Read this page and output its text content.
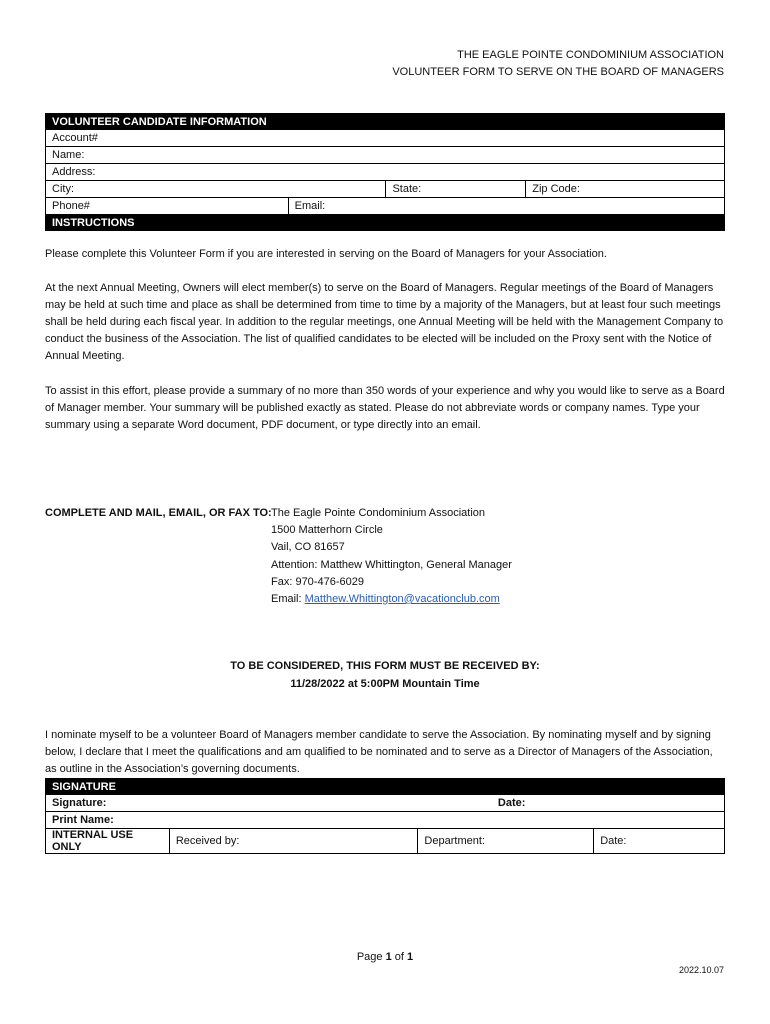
THE EAGLE POINTE CONDOMINIUM ASSOCIATION
VOLUNTEER FORM TO SERVE ON THE BOARD OF MANAGERS
VOLUNTEER CANDIDATE INFORMATION			
Account#			
Name:			
Address:			
City:		State:	Zip Code:
Phone#	Email:		
INSTRUCTIONS			

Please complete this Volunteer Form if you are interested in serving on the Board of Managers for your Association.

At the next Annual Meeting, Owners will elect member(s) to serve on the Board of Managers. Regular meetings of the Board of Managers may be held at such time and place as shall be determined from time to time by a majority of the Managers, but at least four such meetings shall be held during each fiscal year. In addition to the regular meetings, one Annual Meeting will be held with the Management Company to conduct the business of the Association. The list of qualified candidates to be elected will be included on the Proxy sent with the Notice of Annual Meeting.

To assist in this effort, please provide a summary of no more than 350 words of your experience and why you would like to serve as a Board of Manager member. Your summary will be published exactly as stated. Please do not abbreviate words or company names. Type your summary using a separate Word document, PDF document, or type directly into an email.

COMPLETE AND MAIL, EMAIL, OR FAX TO: The Eagle Pointe Condominium Association
1500 Matterhorn Circle
Vail, CO 81657
Attention: Matthew Whittington, General Manager
Fax: 970-476-6029
Email: Matthew.Whittington@vacationclub.com
TO BE CONSIDERED, THIS FORM MUST BE RECEIVED BY:
11/28/2022 at 5:00PM Mountain Time

I nominate myself to be a volunteer Board of Managers member candidate to serve the Association. By nominating myself and by signing below, I declare that I meet the qualifications and am qualified to be nominated and to serve as a Director of Managers of the Association, as outline in the Association’s governing documents.

SIGNATURE			
Signature:		Date:	
Print Name:			
INTERNAL USE ONLY	Received by:	Department:	Date:
Page 1 of 1
2022.10.07
